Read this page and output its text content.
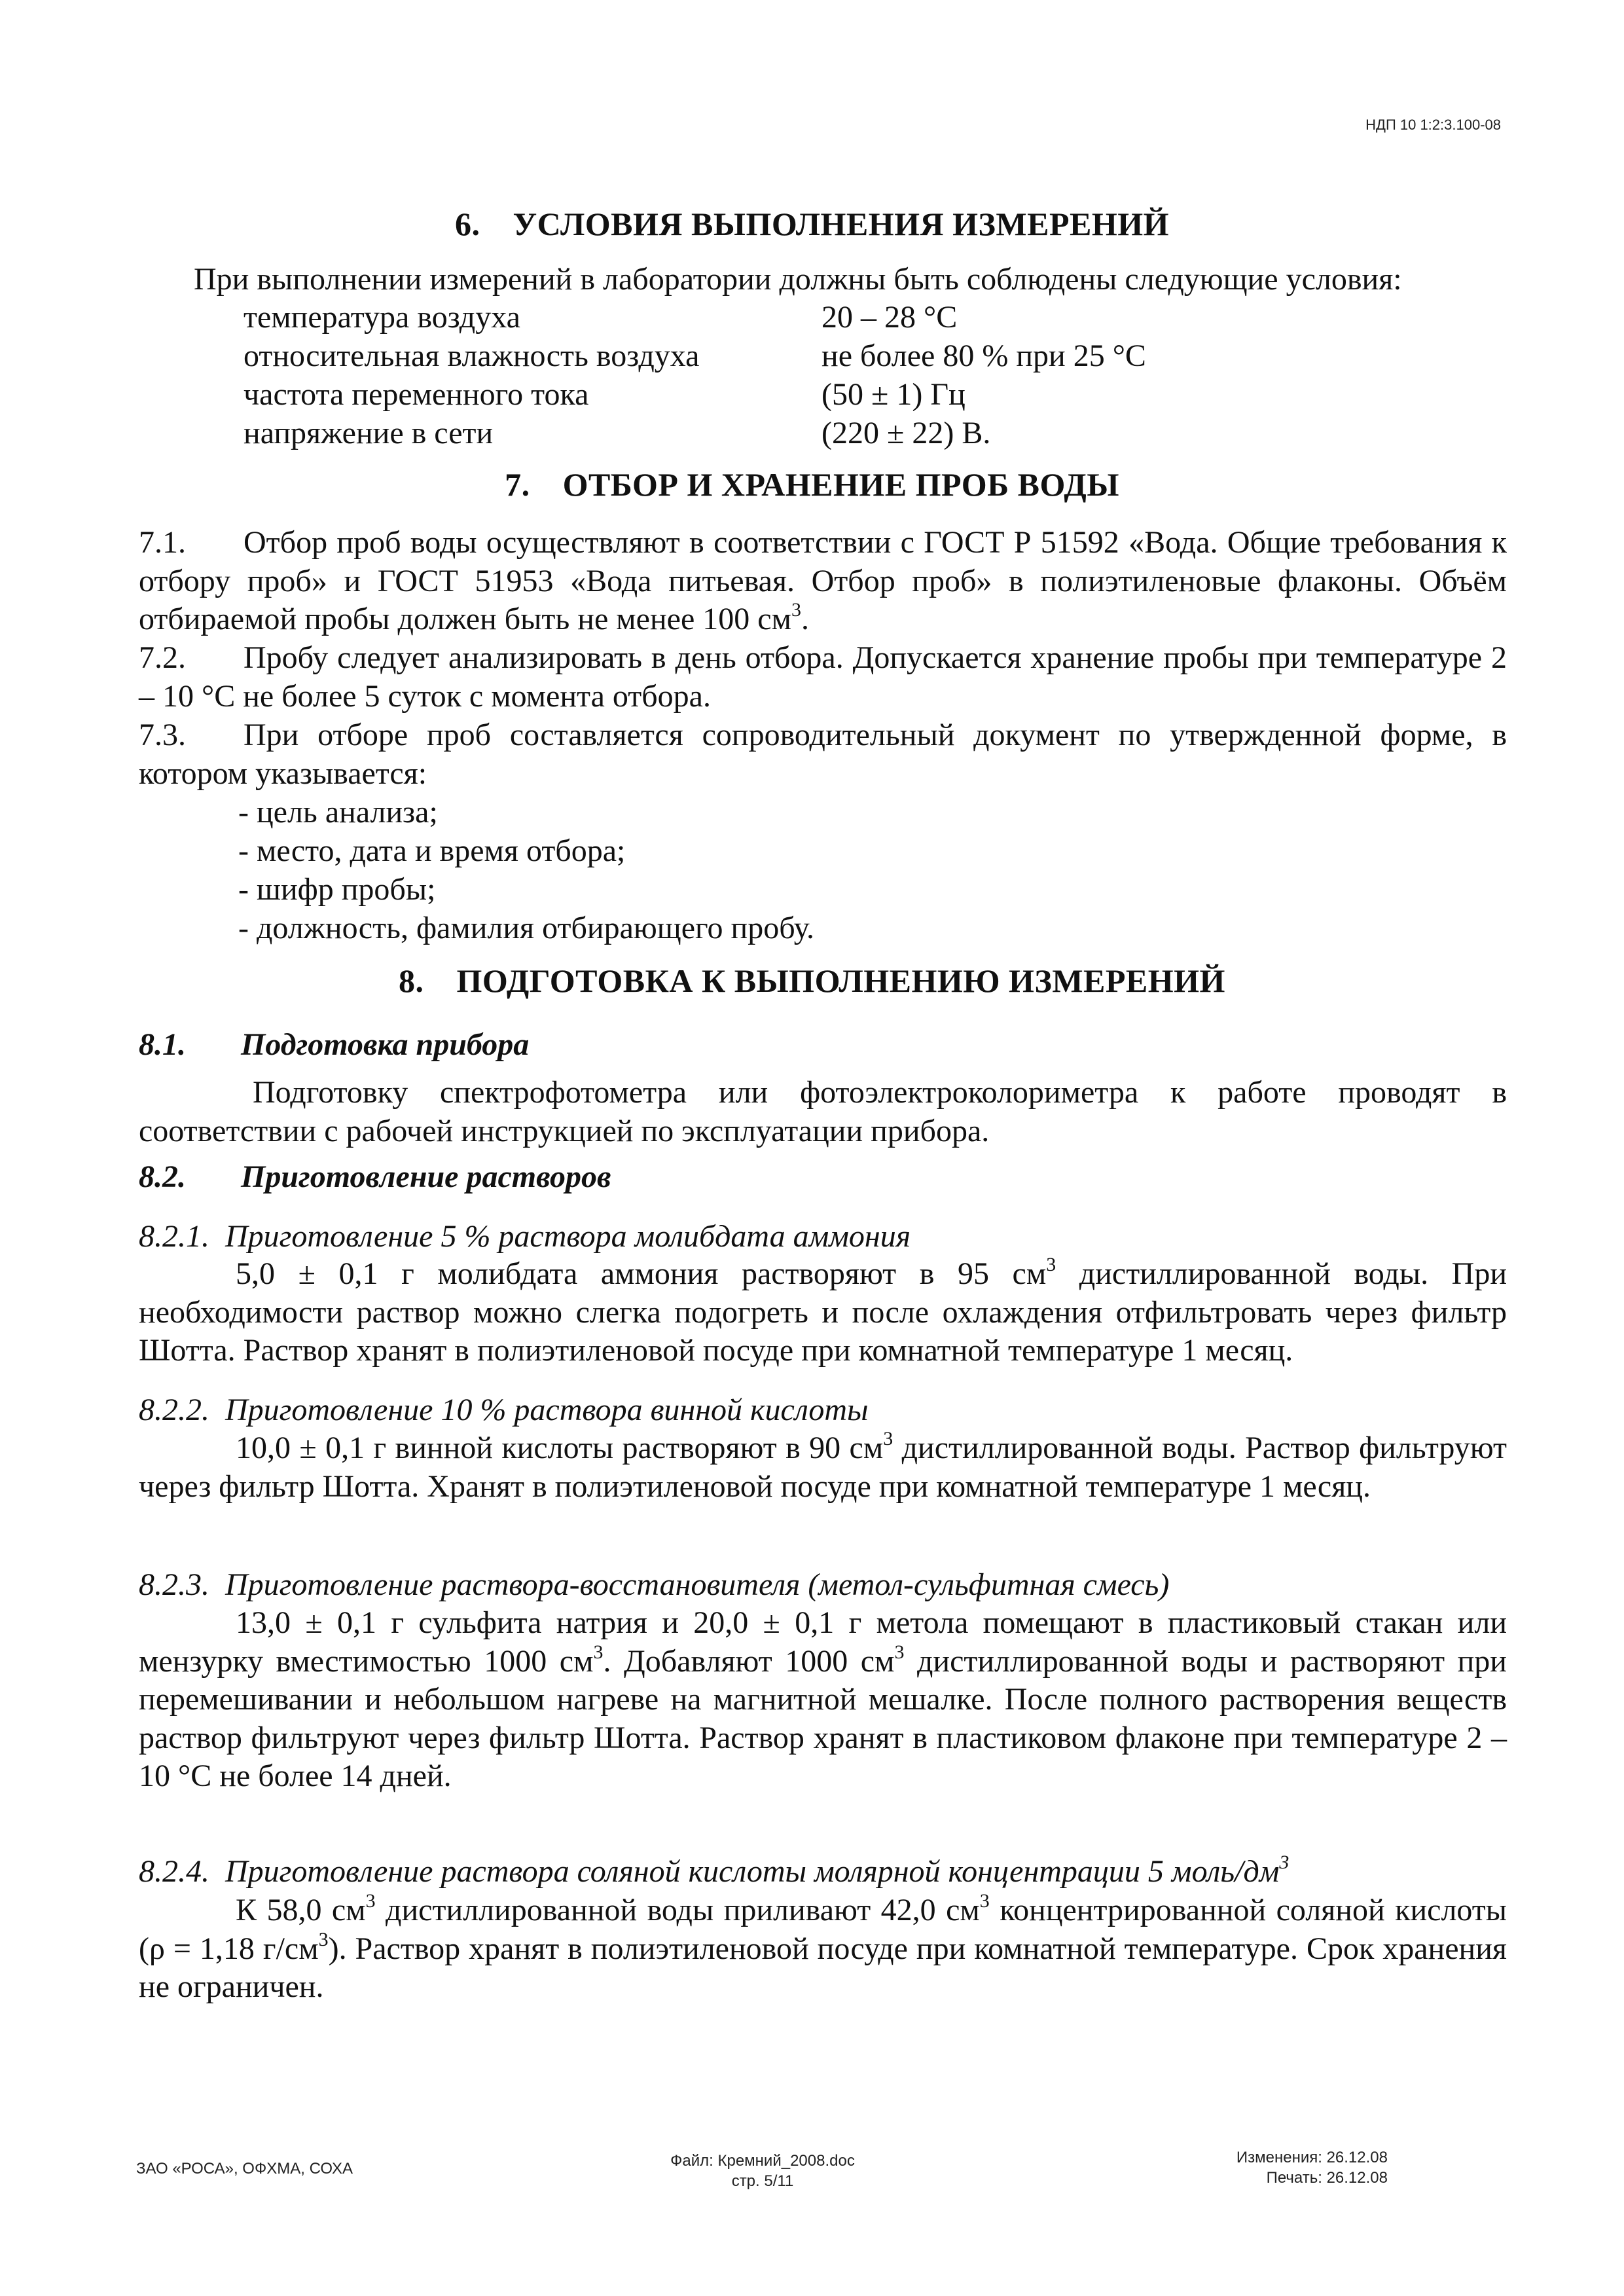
НДП 10 1:2:3.100-08
6. УСЛОВИЯ ВЫПОЛНЕНИЯ ИЗМЕРЕНИЙ
При выполнении измерений в лаборатории должны быть соблюдены следующие условия:
температура воздуха	20 – 28 °С
относительная влажность воздуха	не более 80 % при 25 °С
частота переменного тока	(50 ± 1) Гц
напряжение в сети	(220 ± 22) В.
7. ОТБОР И ХРАНЕНИЕ ПРОБ ВОДЫ
7.1. Отбор проб воды осуществляют в соответствии с ГОСТ Р 51592 «Вода. Общие требования к отбору проб» и ГОСТ 51953 «Вода питьевая. Отбор проб» в полиэтиленовые флаконы. Объём отбираемой пробы должен быть не менее 100 $см^3$.
7.2. Пробу следует анализировать в день отбора. Допускается хранение пробы при температуре 2 – 10 °С не более 5 суток с момента отбора.
7.3. При отборе проб составляется сопроводительный документ по утвержденной форме, в котором указывается:
- цель анализа;
- место, дата и время отбора;
- шифр пробы;
- должность, фамилия отбирающего пробу.
8. ПОДГОТОВКА К ВЫПОЛНЕНИЮ ИЗМЕРЕНИЙ
8.1. Подготовка прибора
Подготовку спектрофотометра или фотоэлектроколориметра к работе проводят в соответствии с рабочей инструкцией по эксплуатации прибора.
8.2. Приготовление растворов
8.2.1. Приготовление 5 % раствора молибдата аммония
5,0 ± 0,1 г молибдата аммония растворяют в 95 $см^3$ дистиллированной воды. При необходимости раствор можно слегка подогреть и после охлаждения отфильтровать через фильтр Шотта. Раствор хранят в полиэтиленовой посуде при комнатной температуре 1 месяц.
8.2.2. Приготовление 10 % раствора винной кислоты
10,0 ± 0,1 г винной кислоты растворяют в 90 $см^3$ дистиллированной воды. Раствор фильтруют через фильтр Шотта. Хранят в полиэтиленовой посуде при комнатной температуре 1 месяц.
8.2.3. Приготовление раствора-восстановителя (метол-сульфитная смесь)
13,0 ± 0,1 г сульфита натрия и 20,0 ± 0,1 г метола помещают в пластиковый стакан или мензурку вместимостью 1000 $см^3$. Добавляют 1000 $см^3$ дистиллированной воды и растворяют при перемешивании и небольшом нагреве на магнитной мешалке. После полного растворения веществ раствор фильтруют через фильтр Шотта. Раствор хранят в пластиковом флаконе при температуре 2 – 10 °С не более 14 дней.
8.2.4. Приготовление раствора соляной кислоты молярной концентрации 5 моль/$дм^3$
К 58,0 $см^3$ дистиллированной воды приливают 42,0 $см^3$ концентрированной соляной кислоты (ρ = 1,18 $г/см^3$). Раствор хранят в полиэтиленовой посуде при комнатной температуре. Срок хранения не ограничен.
ЗАО «РОСА», ОФХМА, СОХА	Файл: Кремний_2008.doc
стр. 5/11
Изменения: 26.12.08
Печать: 26.12.08
